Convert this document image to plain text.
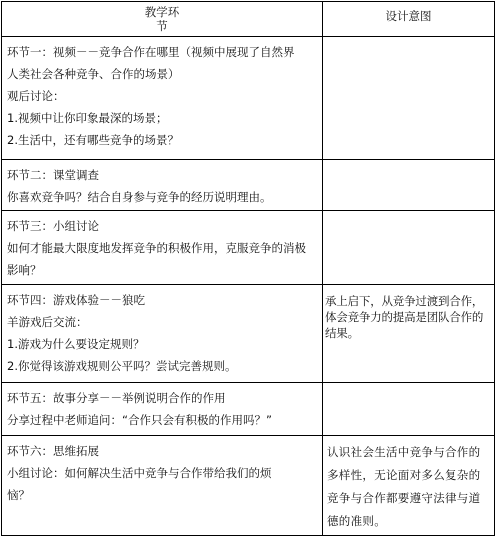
教学环
节	设计意图

环节一：视频－－竞争合作在哪里（视频中展现了自然界
人类社会各种竞争、合作的场景）
观后讨论：
1.视频中让你印象最深的场景；
2.生活中，还有哪些竞争的场景？	

环节二：课堂调查
你喜欢竞争吗？结合自身参与竞争的经历说明理由。	

环节三：小组讨论
如何才能最大限度地发挥竞争的积极作用，克服竞争的消极
影响？	

环节四：游戏体验－－狼吃
羊游戏后交流：
1.游戏为什么要设定规则？
2.你觉得该游戏规则公平吗？尝试完善规则。	承上启下，从竞争过渡到合作，体会竞争力的提高是团队合作的结果。

环节五：故事分享－－举例说明合作的作用
分享过程中老师追问：“合作只会有积极的作用吗？”	

环节六：思维拓展
小组讨论：如何解决生活中竞争与合作带给我们的烦
恼？	认识社会生活中竞争与合作的多样性，无论面对多么复杂的竞争与合作都要遵守法律与道德的准则。
